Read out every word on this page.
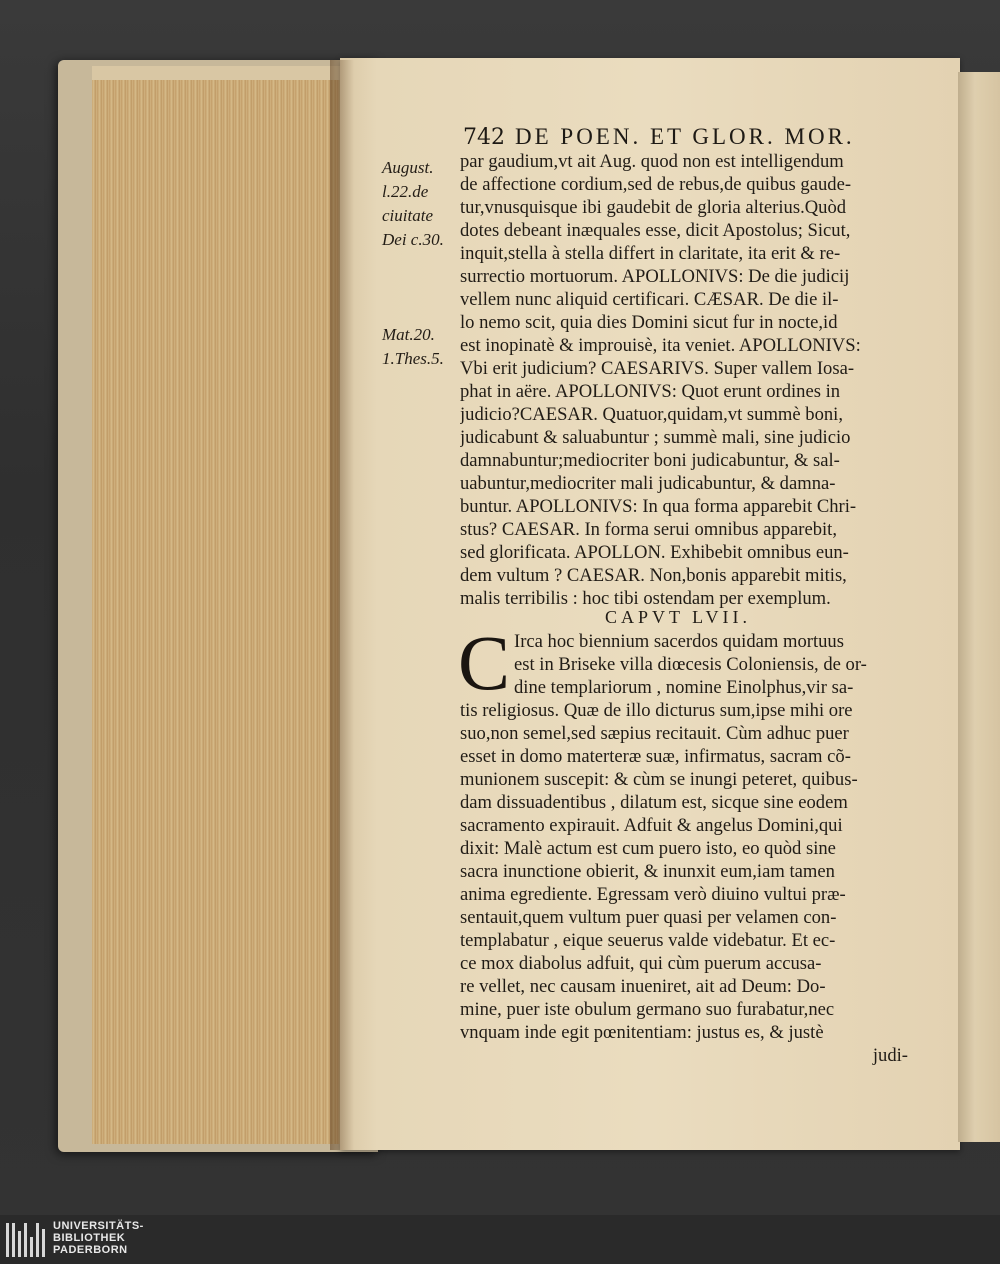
742 DE POEN. ET GLOR. MOR.
August.
l.22.de
ciuitate
Dei c.30.
Mat.20.
1.Thes.5.
par gaudium,vt ait Aug. quod non est intelligendum
de affectione cordium,sed de rebus,de quibus gaude-
tur,vnusquisque ibi gaudebit de gloria alterius.Quòd
dotes debeant inæquales esse, dicit Apostolus; Sicut,
inquit,stella à stella differt in claritate, ita erit & re-
surrectio mortuorum. APOLLONIVS: De die judicij
vellem nunc aliquid certificari. CÆSAR. De die il-
lo nemo scit, quia dies Domini sicut fur in nocte,id
est inopinatè & improuisè, ita veniet. APOLLONIVS:
Vbi erit judicium? CAESARIVS. Super vallem Iosa-
phat in aëre. APOLLONIVS: Quot erunt ordines in
judicio?CAESAR. Quatuor,quidam,vt summè boni,
judicabunt & saluabuntur ; summè mali, sine judicio
damnabuntur;mediocriter boni judicabuntur, & sal-
uabuntur,mediocriter mali judicabuntur, & damna-
buntur. APOLLONIVS: In qua forma apparebit Chri-
stus? CAESAR. In forma serui omnibus apparebit,
sed glorificata. APOLLON. Exhibebit omnibus eun-
dem vultum ? CAESAR. Non,bonis apparebit mitis,
malis terribilis : hoc tibi ostendam per exemplum.
CAPVT LVII.
C Irca hoc biennium sacerdos quidam mortuus
est in Briseke villa diœcesis Coloniensis, de or-
dine templariorum , nomine Einolphus,vir sa-
tis religiosus. Quæ de illo dicturus sum,ipse mihi ore
suo,non semel,sed sæpius recitauit. Cùm adhuc puer
esset in domo materteræ suæ, infirmatus, sacram cõ-
munionem suscepit: & cùm se inungi peteret, quibus-
dam dissuadentibus , dilatum est, sicque sine eodem
sacramento expirauit. Adfuit & angelus Domini,qui
dixit: Malè actum est cum puero isto, eo quòd sine
sacra inunctione obierit, & inunxit eum,iam tamen
anima egrediente. Egressam verò diuino vultui præ-
sentauit,quem vultum puer quasi per velamen con-
templabatur , eique seuerus valde videbatur. Et ec-
ce mox diabolus adfuit, qui cùm puerum accusa-
re vellet, nec causam inueniret, ait ad Deum: Do-
mine, puer iste obulum germano suo furabatur,nec
vnquam inde egit pœnitentiam: justus es, & justè
judi-
UNIVERSITÄTS-
BIBLIOTHEK
PADERBORN
